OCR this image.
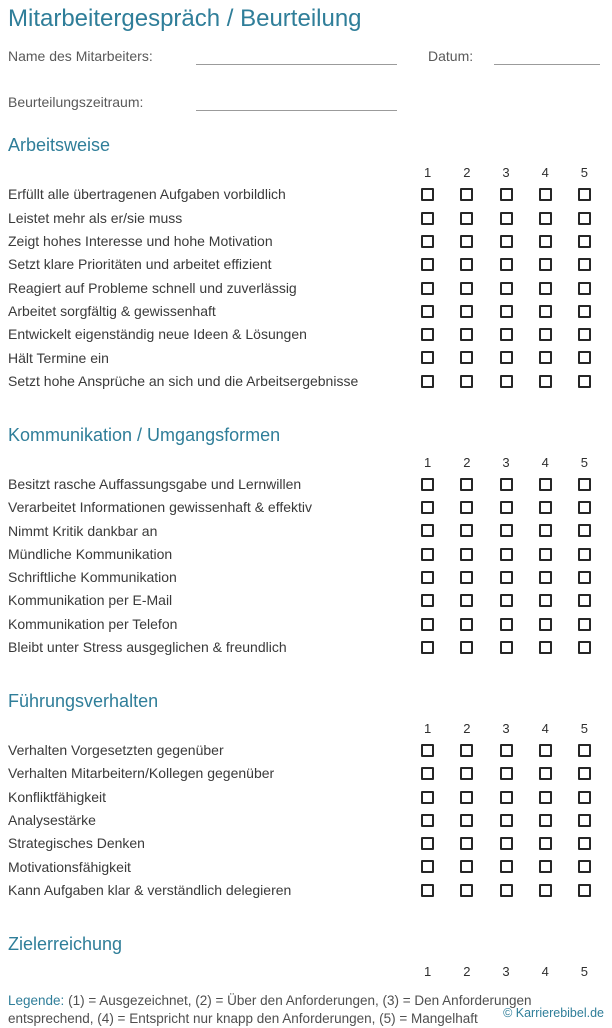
Mitarbeitergespräch / Beurteilung
Name des Mitarbeiters:	Datum:
Beurteilungszeitraum:
Arbeitsweise
1	2	3	4	5
Erfüllt alle übertragenen Aufgaben vorbildlich
Leistet mehr als er/sie muss
Zeigt hohes Interesse und hohe Motivation
Setzt klare Prioritäten und arbeitet effizient
Reagiert auf Probleme schnell und zuverlässig
Arbeitet sorgfältig & gewissenhaft
Entwickelt eigenständig neue Ideen & Lösungen
Hält Termine ein
Setzt hohe Ansprüche an sich und die Arbeitsergebnisse
Kommunikation / Umgangsformen
1	2	3	4	5
Besitzt rasche Auffassungsgabe und Lernwillen
Verarbeitet Informationen gewissenhaft & effektiv
Nimmt Kritik dankbar an
Mündliche Kommunikation
Schriftliche Kommunikation
Kommunikation per E-Mail
Kommunikation per Telefon
Bleibt unter Stress ausgeglichen & freundlich
Führungsverhalten
1	2	3	4	5
Verhalten Vorgesetzten gegenüber
Verhalten Mitarbeitern/Kollegen gegenüber
Konfliktfähigkeit
Analysestärke
Strategisches Denken
Motivationsfähigkeit
Kann Aufgaben klar & verständlich delegieren
Zielerreichung
1	2	3	4	5

Legende: (1) = Ausgezeichnet, (2) = Über den Anforderungen, (3) = Den Anforderungen entsprechend, (4) = Entspricht nur knapp den Anforderungen, (5) = Mangelhaft	© Karrierebibel.de
